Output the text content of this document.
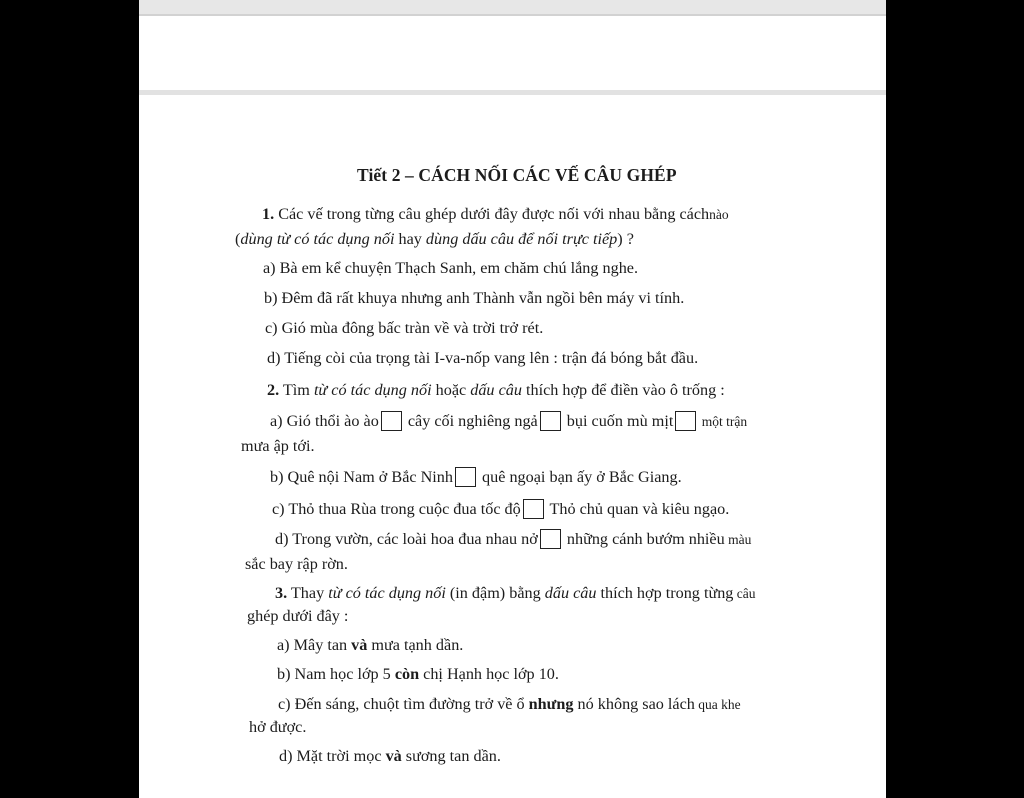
Tiết 2 – CÁCH NỐI CÁC VẾ CÂU GHÉP
1. Các vế trong từng câu ghép dưới đây được nối với nhau bằng cáchnào
(dùng từ có tác dụng nối hay dùng dấu câu để nối trực tiếp) ?
a) Bà em kể chuyện Thạch Sanh, em chăm chú lắng nghe.
b) Đêm đã rất khuya nhưng anh Thành vẫn ngồi bên máy vi tính.
c) Gió mùa đông bấc tràn về và trời trở rét.
d) Tiếng còi của trọng tài I-va-nốp vang lên : trận đá bóng bắt đầu.
2. Tìm từ có tác dụng nối hoặc dấu câu thích hợp để điền vào ô trống :
a) Gió thổi ào ào cây cối nghiêng ngả bụi cuốn mù mịt một trận
mưa ập tới.
b) Quê nội Nam ở Bắc Ninh quê ngoại bạn ấy ở Bắc Giang.
c) Thỏ thua Rùa trong cuộc đua tốc độ Thỏ chủ quan và kiêu ngạo.
d) Trong vườn, các loài hoa đua nhau nở những cánh bướm nhiều màu
sắc bay rập rờn.
3. Thay từ có tác dụng nối (in đậm) bằng dấu câu thích hợp trong từng câu
ghép dưới đây :
a) Mây tan và mưa tạnh dần.
b) Nam học lớp 5 còn chị Hạnh học lớp 10.
c) Đến sáng, chuột tìm đường trở về ổ nhưng nó không sao lách qua khe
hở được.
d) Mặt trời mọc và sương tan dần.
